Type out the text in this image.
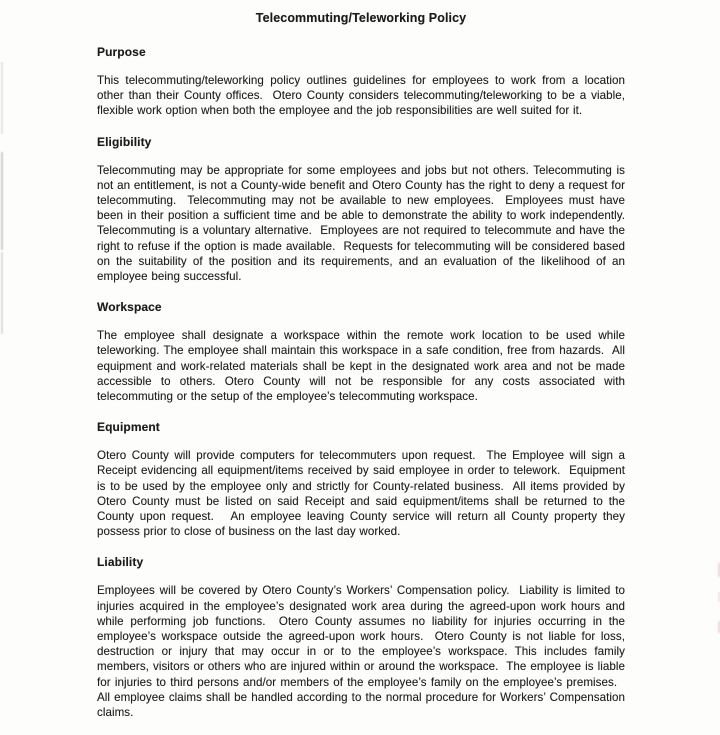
Telecommuting/Teleworking Policy
Purpose

This telecommuting/teleworking policy outlines guidelines for employees to work from a location other than their County offices.  Otero County considers telecommuting/teleworking to be a viable, flexible work option when both the employee and the job responsibilities are well suited for it.

Eligibility

Telecommuting may be appropriate for some employees and jobs but not others. Telecommuting is not an entitlement, is not a County-wide benefit and Otero County has the right to deny a request for telecommuting.  Telecommuting may not be available to new employees.  Employees must have been in their position a sufficient time and be able to demonstrate the ability to work independently. Telecommuting is a voluntary alternative.  Employees are not required to telecommute and have the right to refuse if the option is made available.  Requests for telecommuting will be considered based on the suitability of the position and its requirements, and an evaluation of the likelihood of an employee being successful.

Workspace

The employee shall designate a workspace within the remote work location to be used while teleworking. The employee shall maintain this workspace in a safe condition, free from hazards.  All equipment and work-related materials shall be kept in the designated work area and not be made accessible to others. Otero County will not be responsible for any costs associated with telecommuting or the setup of the employee’s telecommuting workspace.

Equipment

Otero County will provide computers for telecommuters upon request.  The Employee will sign a Receipt evidencing all equipment/items received by said employee in order to telework.  Equipment is to be used by the employee only and strictly for County-related business.  All items provided by Otero County must be listed on said Receipt and said equipment/items shall be returned to the County upon request.   An employee leaving County service will return all County property they possess prior to close of business on the last day worked.

Liability

Employees will be covered by Otero County’s Workers’ Compensation policy.  Liability is limited to injuries acquired in the employee’s designated work area during the agreed-upon work hours and while performing job functions.  Otero County assumes no liability for injuries occurring in the employee’s workspace outside the agreed-upon work hours.  Otero County is not liable for loss, destruction or injury that may occur in or to the employee’s workspace. This includes family members, visitors or others who are injured within or around the workspace.  The employee is liable for injuries to third persons and/or members of the employee’s family on the employee’s premises.   All employee claims shall be handled according to the normal procedure for Workers’ Compensation claims.
